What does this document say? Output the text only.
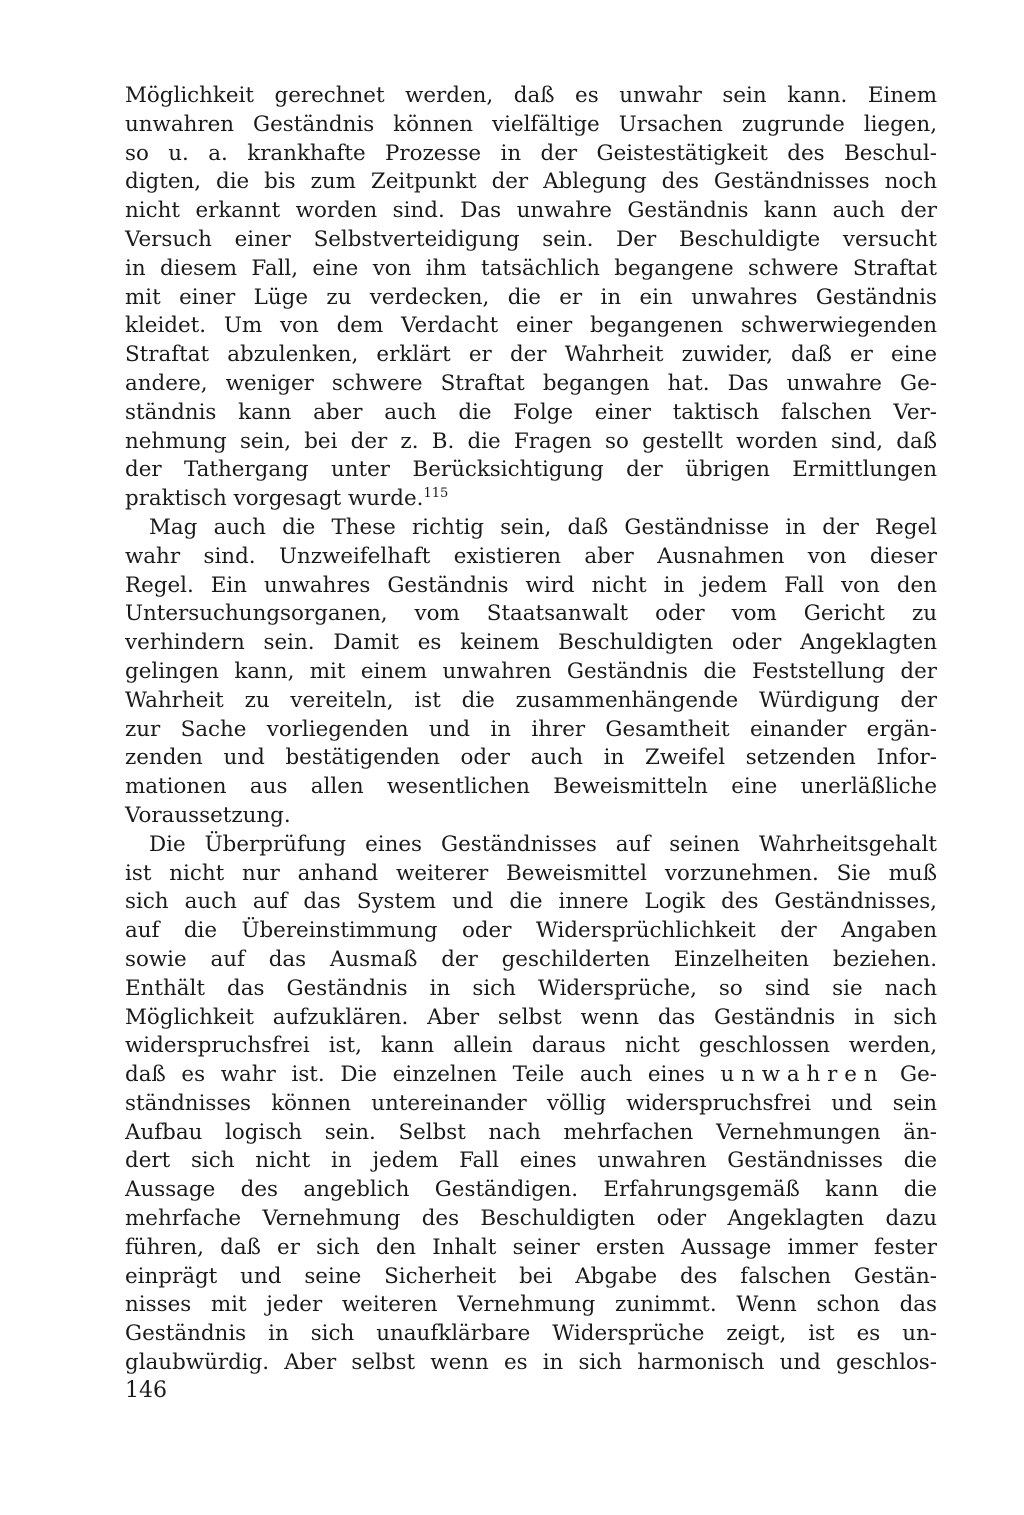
Möglichkeit gerechnet werden, daß es unwahr sein kann. Einem
unwahren Geständnis können vielfältige Ursachen zugrunde liegen,
so u. a. krankhafte Prozesse in der Geistestätigkeit des Beschul-
digten, die bis zum Zeitpunkt der Ablegung des Geständnisses noch
nicht erkannt worden sind. Das unwahre Geständnis kann auch der
Versuch einer Selbstverteidigung sein. Der Beschuldigte versucht
in diesem Fall, eine von ihm tatsächlich begangene schwere Straftat
mit einer Lüge zu verdecken, die er in ein unwahres Geständnis
kleidet. Um von dem Verdacht einer begangenen schwerwiegenden
Straftat abzulenken, erklärt er der Wahrheit zuwider, daß er eine
andere, weniger schwere Straftat begangen hat. Das unwahre Ge-
ständnis kann aber auch die Folge einer taktisch falschen Ver-
nehmung sein, bei der z. B. die Fragen so gestellt worden sind, daß
der Tathergang unter Berücksichtigung der übrigen Ermittlungen
praktisch vorgesagt wurde.$^{115}$
Mag auch die These richtig sein, daß Geständnisse in der Regel
wahr sind. Unzweifelhaft existieren aber Ausnahmen von dieser
Regel. Ein unwahres Geständnis wird nicht in jedem Fall von den
Untersuchungsorganen, vom Staatsanwalt oder vom Gericht zu
verhindern sein. Damit es keinem Beschuldigten oder Angeklagten
gelingen kann, mit einem unwahren Geständnis die Feststellung der
Wahrheit zu vereiteln, ist die zusammenhängende Würdigung der
zur Sache vorliegenden und in ihrer Gesamtheit einander ergän-
zenden und bestätigenden oder auch in Zweifel setzenden Infor-
mationen aus allen wesentlichen Beweismitteln eine unerläßliche
Voraussetzung.
Die Überprüfung eines Geständnisses auf seinen Wahrheitsgehalt
ist nicht nur anhand weiterer Beweismittel vorzunehmen. Sie muß
sich auch auf das System und die innere Logik des Geständnisses,
auf die Übereinstimmung oder Widersprüchlichkeit der Angaben
sowie auf das Ausmaß der geschilderten Einzelheiten beziehen.
Enthält das Geständnis in sich Widersprüche, so sind sie nach
Möglichkeit aufzuklären. Aber selbst wenn das Geständnis in sich
widerspruchsfrei ist, kann allein daraus nicht geschlossen werden,
daß es wahr ist. Die einzelnen Teile auch eines unwahren Ge-
ständnisses können untereinander völlig widerspruchsfrei und sein
Aufbau logisch sein. Selbst nach mehrfachen Vernehmungen än-
dert sich nicht in jedem Fall eines unwahren Geständnisses die
Aussage des angeblich Geständigen. Erfahrungsgemäß kann die
mehrfache Vernehmung des Beschuldigten oder Angeklagten dazu
führen, daß er sich den Inhalt seiner ersten Aussage immer fester
einprägt und seine Sicherheit bei Abgabe des falschen Gestän-
nisses mit jeder weiteren Vernehmung zunimmt. Wenn schon das
Geständnis in sich unaufklärbare Widersprüche zeigt, ist es un-
glaubwürdig. Aber selbst wenn es in sich harmonisch und geschlos-
146
